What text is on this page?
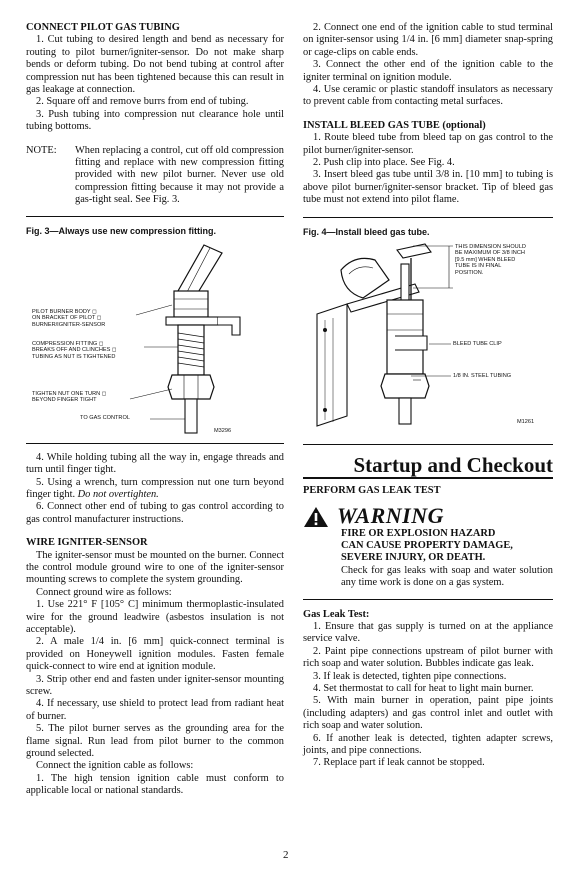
CONNECT PILOT GAS TUBING

1. Cut tubing to desired length and bend as necessary for routing to pilot burner/igniter-sensor. Do not make sharp bends or deform tubing. Do not bend tubing at control after compression nut has been tightened because this can result in gas leakage at connection.

2. Square off and remove burrs from end of tubing.

3. Push tubing into compression nut clearance hole until tubing bottoms.

NOTE:	When replacing a control, cut off old compression fitting and replace with new compression fitting provided with new pilot burner. Never use old compression fitting because it may not provide a gas-tight seal. See Fig. 3.

Fig. 3—Always use new compression fitting.

PILOT BURNER BODY ◻
ON BRACKET OF PILOT ◻
BURNER/IGNITER-SENSOR
COMPRESSION FITTING ◻
BREAKS OFF AND CLINCHES ◻
TUBING AS NUT IS TIGHTENED
TIGHTEN NUT ONE TURN ◻
BEYOND FINGER TIGHT
TO GAS CONTROL
M3296

4. While holding tubing all the way in, engage threads and turn until finger tight.

5. Using a wrench, turn compression nut one turn beyond finger tight. Do not overtighten.

6. Connect other end of tubing to gas control according to gas control manufacturer instructions.

WIRE IGNITER-SENSOR

The igniter-sensor must be mounted on the burner. Connect the control module ground wire to one of the igniter-sensor mounting screws to complete the system grounding.

Connect ground wire as follows:

1. Use 221° F [105° C] minimum thermoplastic-insulated wire for the ground leadwire (asbestos insulation is not acceptable).

2. A male 1/4 in. [6 mm] quick-connect terminal is provided on Honeywell ignition modules. Fasten female quick-connect to wire end at ignition module.

3. Strip other end and fasten under igniter-sensor mounting screw.

4. If necessary, use shield to protect lead from radiant heat of burner.

5. The pilot burner serves as the grounding area for the flame signal. Run lead from pilot burner to the common ground selected.

Connect the ignition cable as follows:

1. The high tension ignition cable must conform to applicable local or national standards.

2. Connect one end of the ignition cable to stud terminal on igniter-sensor using 1/4 in. [6 mm] diameter snap-spring or cage-clips on cable ends.

3. Connect the other end of the ignition cable to the igniter terminal on ignition module.

4. Use ceramic or plastic standoff insulators as necessary to prevent cable from contacting metal surfaces.

INSTALL BLEED GAS TUBE (optional)

1. Route bleed tube from bleed tap on gas control to the pilot burner/igniter-sensor.

2. Push clip into place. See Fig. 4.

3. Insert bleed gas tube until 3/8 in. [10 mm] to tubing is above pilot burner/igniter-sensor bracket. Tip of bleed gas tube must not extend into pilot flame.

Fig. 4—Install bleed gas tube.

THIS DIMENSION SHOULD
BE MAXIMUM OF 3/8 INCH
[9.5 mm] WHEN BLEED
TUBE IS IN FINAL
POSITION.
BLEED TUBE CLIP
1/8 IN. STEEL TUBING
M1261
Startup and Checkout

PERFORM GAS LEAK TEST

WARNING

FIRE OR EXPLOSION HAZARD

CAN CAUSE PROPERTY DAMAGE,

SEVERE INJURY, OR DEATH.

Check for gas leaks with soap and water solution any time work is done on a gas system.

Gas Leak Test:

1. Ensure that gas supply is turned on at the appliance service valve.

2. Paint pipe connections upstream of pilot burner with rich soap and water solution. Bubbles indicate gas leak.

3. If leak is detected, tighten pipe connections.

4. Set thermostat to call for heat to light main burner.

5. With main burner in operation, paint pipe joints (including adapters) and gas control inlet and outlet with rich soap and water solution.

6. If another leak is detected, tighten adapter screws, joints, and pipe connections.

7. Replace part if leak cannot be stopped.

2
